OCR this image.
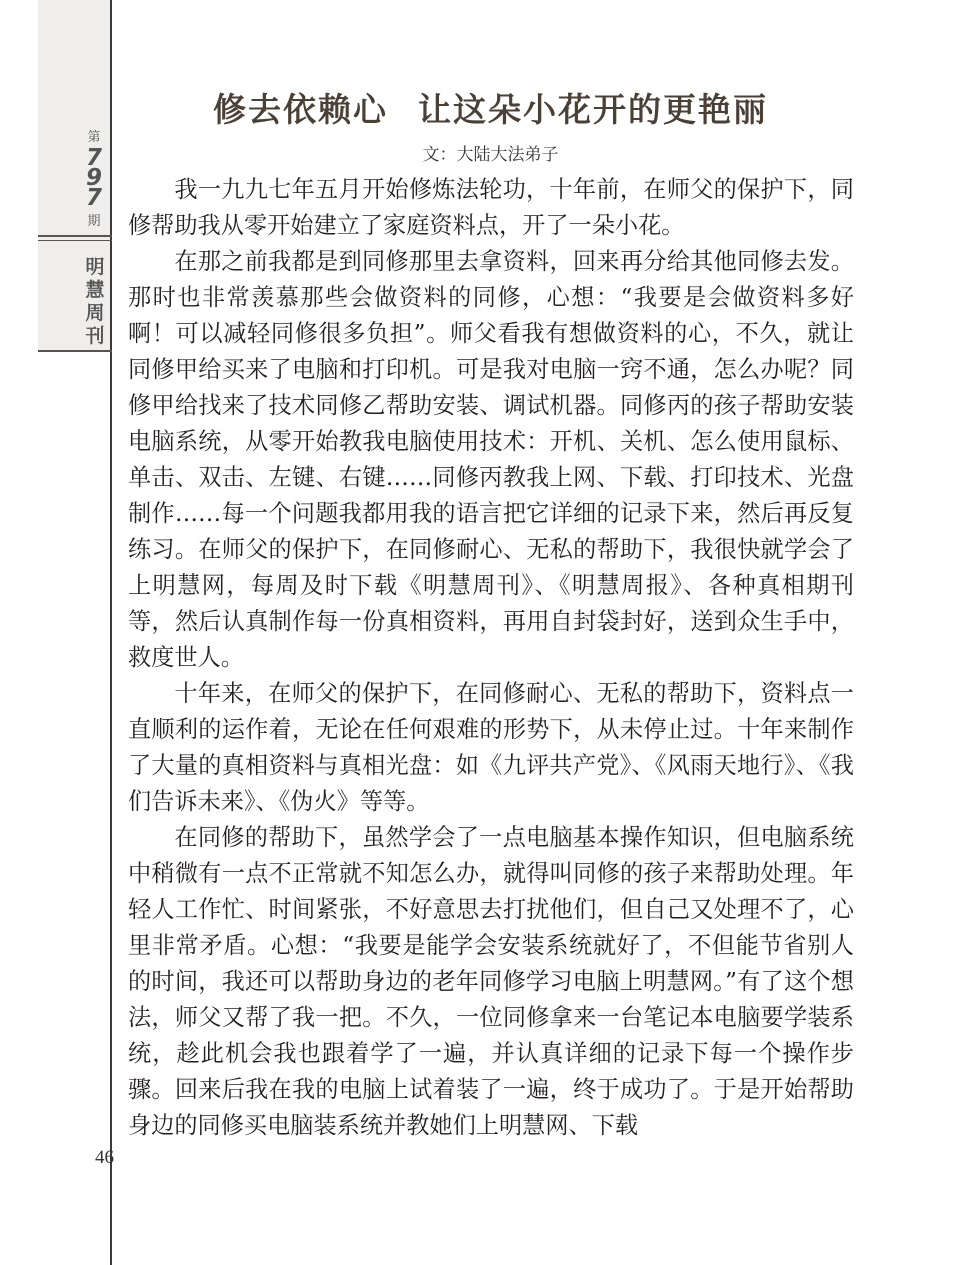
第
7
9
7
期
明
慧
周
刊
46
修去依赖心 让这朵小花开的更艳丽
文：大陆大法弟子

我一九九七年五月开始修炼法轮功，十年前，在师父的保护下，同修帮助我从零开始建立了家庭资料点，开了一朵小花。

在那之前我都是到同修那里去拿资料，回来再分给其他同修去发。那时也非常羡慕那些会做资料的同修，心想：“我要是会做资料多好啊！可以减轻同修很多负担”。师父看我有想做资料的心，不久，就让同修甲给买来了电脑和打印机。可是我对电脑一窍不通，怎么办呢？同修甲给找来了技术同修乙帮助安装、调试机器。同修丙的孩子帮助安装电脑系统，从零开始教我电脑使用技术：开机、关机、怎么使用鼠标、单击、双击、左键、右键……同修丙教我上网、下载、打印技术、光盘制作……每一个问题我都用我的语言把它详细的记录下来，然后再反复练习。在师父的保护下，在同修耐心、无私的帮助下，我很快就学会了上明慧网，每周及时下载《明慧周刊》、《明慧周报》、各种真相期刊等，然后认真制作每一份真相资料，再用自封袋封好，送到众生手中，救度世人。

十年来，在师父的保护下，在同修耐心、无私的帮助下，资料点一直顺利的运作着，无论在任何艰难的形势下，从未停止过。十年来制作了大量的真相资料与真相光盘：如《九评共产党》、《风雨天地行》、《我们告诉未来》、《伪火》等等。

在同修的帮助下，虽然学会了一点电脑基本操作知识，但电脑系统中稍微有一点不正常就不知怎么办，就得叫同修的孩子来帮助处理。年轻人工作忙、时间紧张，不好意思去打扰他们，但自己又处理不了，心里非常矛盾。心想：“我要是能学会安装系统就好了，不但能节省别人的时间，我还可以帮助身边的老年同修学习电脑上明慧网。”有了这个想法，师父又帮了我一把。不久，一位同修拿来一台笔记本电脑要学装系统，趁此机会我也跟着学了一遍，并认真详细的记录下每一个操作步骤。回来后我在我的电脑上试着装了一遍，终于成功了。于是开始帮助身边的同修买电脑装系统并教她们上明慧网、下载
